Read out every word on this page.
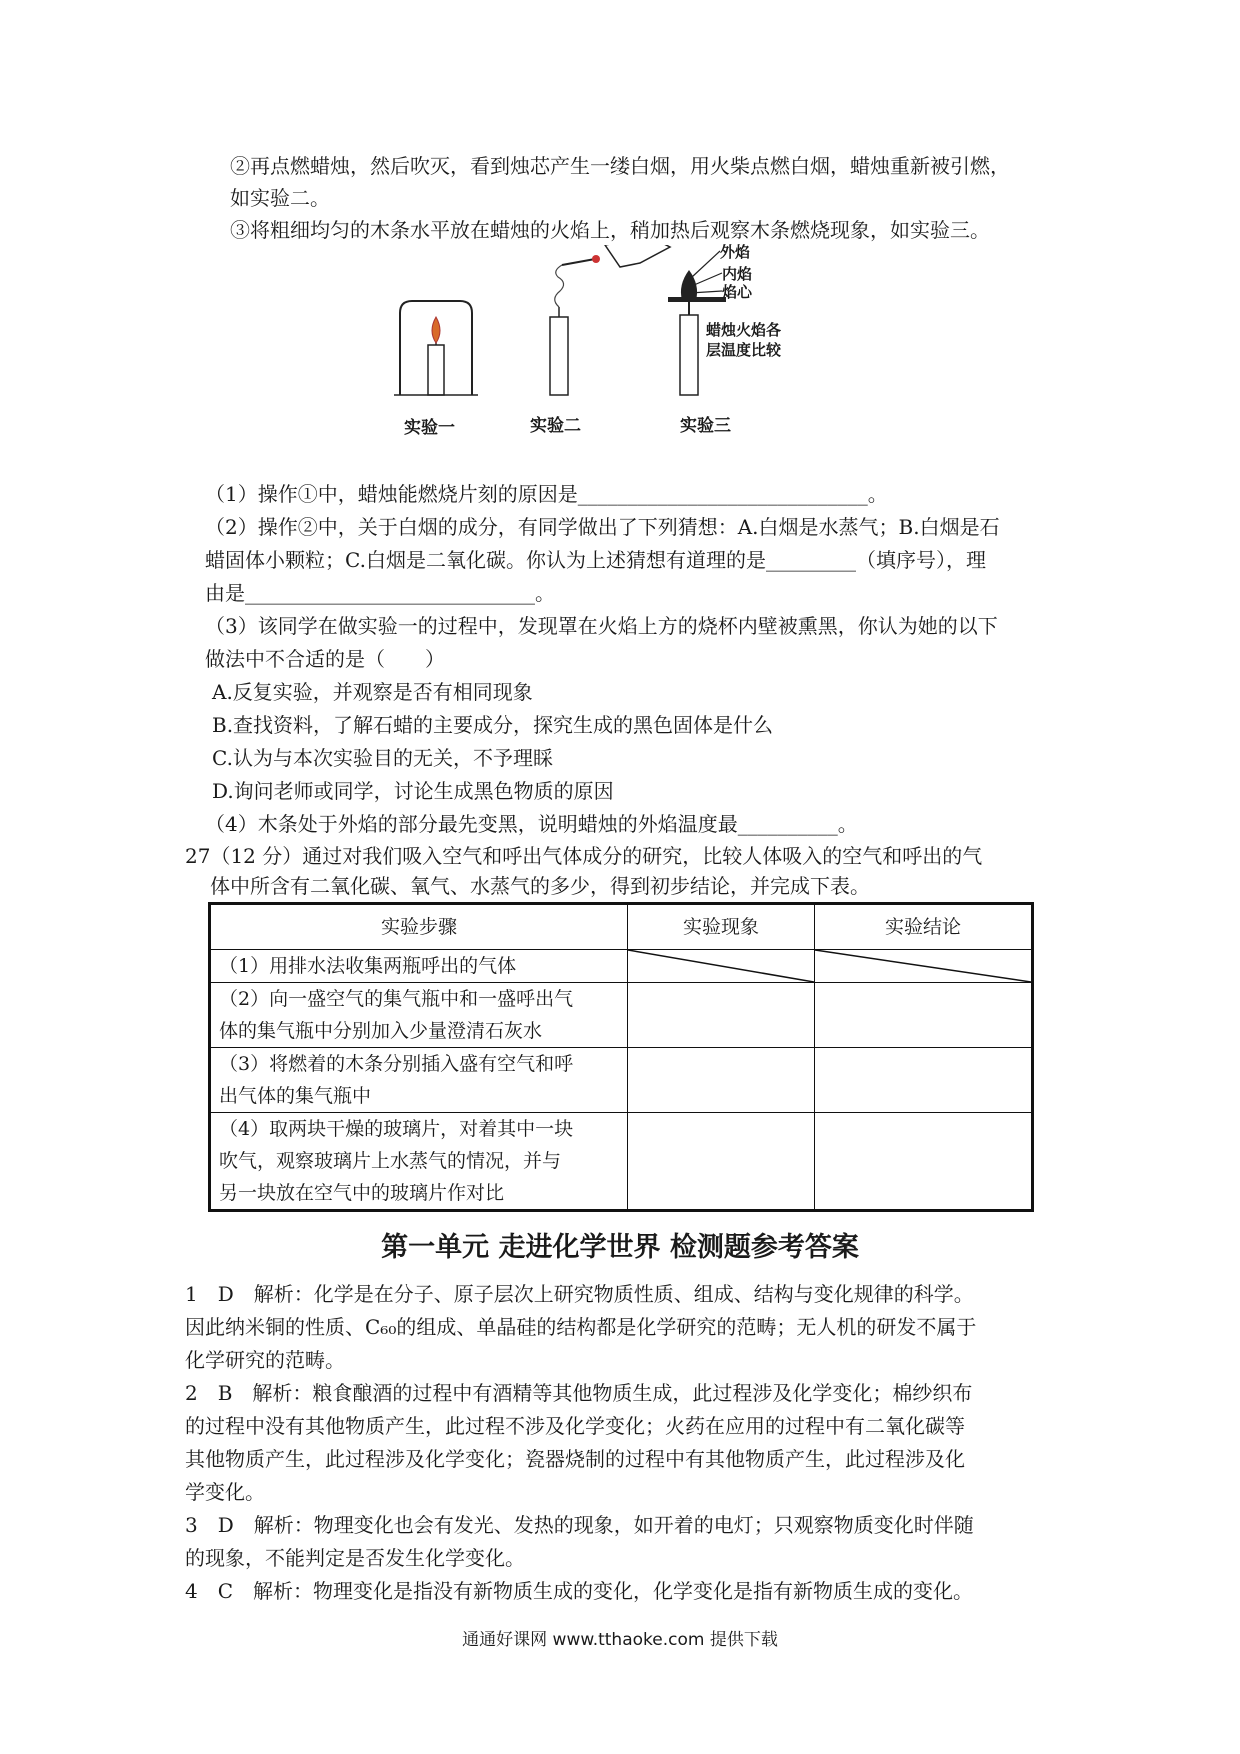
②再点燃蜡烛，然后吹灭，看到烛芯产生一缕白烟，用火柴点燃白烟，蜡烛重新被引燃，
如实验二。
③将粗细均匀的木条水平放在蜡烛的火焰上，稍加热后观察木条燃烧现象，如实验三。
外焰
内焰
焰心
蜡烛火焰各
层温度比较
实验一	实验二	实验三
（1）操作①中，蜡烛能燃烧片刻的原因是_____________________________。
（2）操作②中，关于白烟的成分，有同学做出了下列猜想：A.白烟是水蒸气；B.白烟是石
蜡固体小颗粒；C.白烟是二氧化碳。你认为上述猜想有道理的是_________（填序号），理
由是_____________________________。
（3）该同学在做实验一的过程中，发现罩在火焰上方的烧杯内壁被熏黑，你认为她的以下
做法中不合适的是（　　）
A.反复实验，并观察是否有相同现象
B.查找资料，了解石蜡的主要成分，探究生成的黑色固体是什么
C.认为与本次实验目的无关，不予理睬
D.询问老师或同学，讨论生成黑色物质的原因
（4）木条处于外焰的部分最先变黑，说明蜡烛的外焰温度最__________。
27（12 分）通过对我们吸入空气和呼出气体成分的研究，比较人体吸入的空气和呼出的气
体中所含有二氧化碳、氧气、水蒸气的多少，得到初步结论，并完成下表。
实验步骤	实验现象	实验结论
（1）用排水法收集两瓶呼出的气体	

（2）向一盛空气的集气瓶中和一盛呼出气
体的集气瓶中分别加入少量澄清石灰水		

（3）将燃着的木条分别插入盛有空气和呼
出气体的集气瓶中		

（4）取两块干燥的玻璃片，对着其中一块
吹气，观察玻璃片上水蒸气的情况，并与
另一块放在空气中的玻璃片作对比		

第一单元 走进化学世界 检测题参考答案
1　D　解析：化学是在分子、原子层次上研究物质性质、组成、结构与变化规律的科学。
因此纳米铜的性质、C₆₀的组成、单晶硅的结构都是化学研究的范畴；无人机的研发不属于
化学研究的范畴。
2　B　解析：粮食酿酒的过程中有酒精等其他物质生成，此过程涉及化学变化；棉纱织布
的过程中没有其他物质产生，此过程不涉及化学变化；火药在应用的过程中有二氧化碳等
其他物质产生，此过程涉及化学变化；瓷器烧制的过程中有其他物质产生，此过程涉及化
学变化。
3　D　解析：物理变化也会有发光、发热的现象，如开着的电灯；只观察物质变化时伴随
的现象，不能判定是否发生化学变化。
4　C　解析：物理变化是指没有新物质生成的变化，化学变化是指有新物质生成的变化。
通通好课网 www.tthaoke.com 提供下载
